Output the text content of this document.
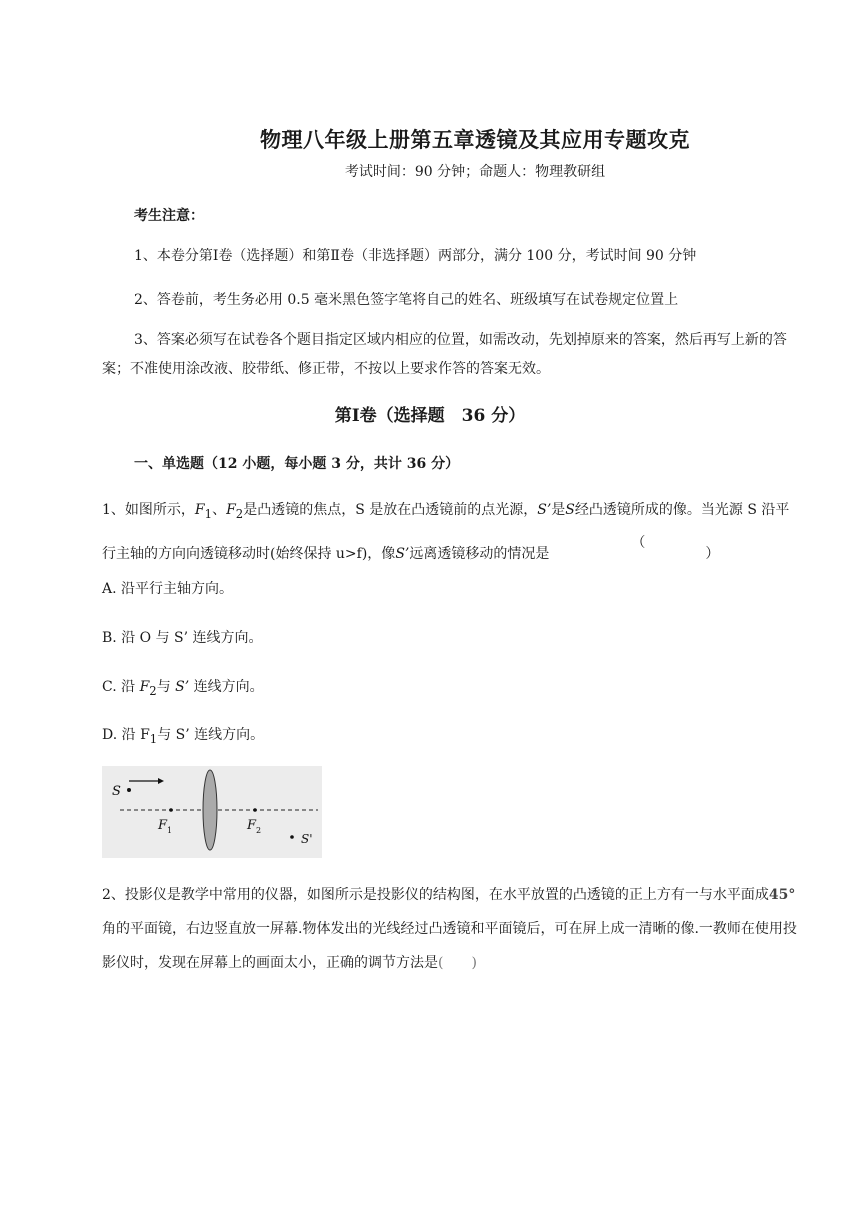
物理八年级上册第五章透镜及其应用专题攻克
考试时间：90 分钟；命题人：物理教研组
考生注意：
1、本卷分第Ⅰ卷（选择题）和第Ⅱ卷（非选择题）两部分，满分 100 分，考试时间 90 分钟
2、答卷前，考生务必用 0.5 毫米黑色签字笔将自己的姓名、班级填写在试卷规定位置上
3、答案必须写在试卷各个题目指定区域内相应的位置，如需改动，先划掉原来的答案，然后再写上新的答案；不准使用涂改液、胶带纸、修正带，不按以上要求作答的答案无效。
第Ⅰ卷（选择题　36 分）
一、单选题（12 小题，每小题 3 分，共计 36 分）
1、如图所示，$F_1$、$F_2$是凸透镜的焦点，S 是放在凸透镜前的点光源，S’是S经凸透镜所成的像。当光源 S 沿平行主轴的方向向透镜移动时(始终保持 u>f)，像S’远离透镜移动的情况是
（
）
A. 沿平行主轴方向。
B. 沿 O 与 S’ 连线方向。
C. 沿 $F_2$与 S’ 连线方向。
D. 沿 $F_1$与 S’ 连线方向。
S
F 1	F 2
S'
2、投影仪是教学中常用的仪器，如图所示是投影仪的结构图，在水平放置的凸透镜的正上方有一与水平面成45°角的平面镜，右边竖直放一屏幕.物体发出的光线经过凸透镜和平面镜后，可在屏上成一清晰的像.一教师在使用投影仪时，发现在屏幕上的画面太小，正确的调节方法是(　　)
